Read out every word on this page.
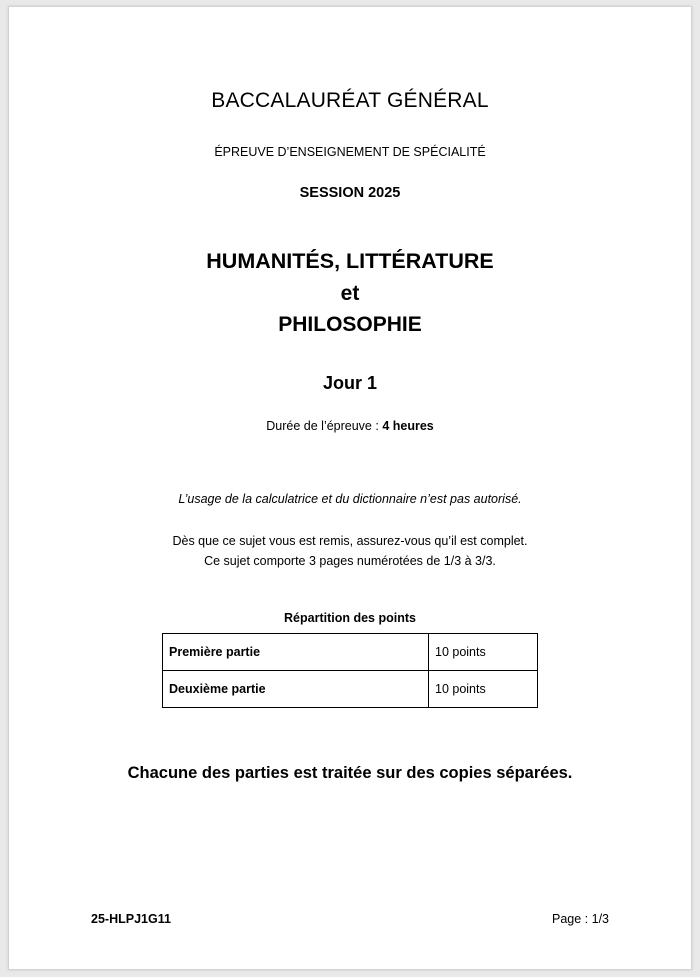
BACCALAURÉAT GÉNÉRAL
ÉPREUVE D’ENSEIGNEMENT DE SPÉCIALITÉ
SESSION 2025
HUMANITÉS, LITTÉRATURE
et
PHILOSOPHIE
Jour 1
Durée de l’épreuve : 4 heures
L’usage de la calculatrice et du dictionnaire n’est pas autorisé.
Dès que ce sujet vous est remis, assurez-vous qu’il est complet.
Ce sujet comporte 3 pages numérotées de 1/3 à 3/3.
Répartition des points
Première partie	10 points
Deuxième partie	10 points
Chacune des parties est traitée sur des copies séparées.
25-HLPJ1G11	Page : 1/3
